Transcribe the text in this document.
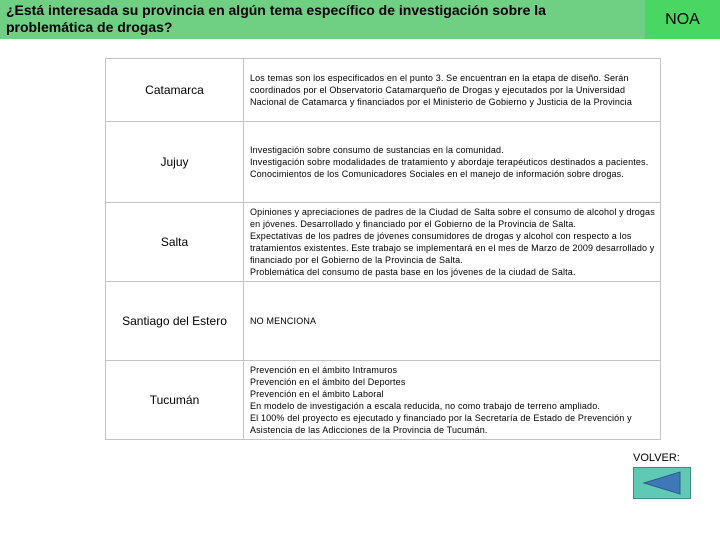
¿Está interesada su provincia en algún tema específico de investigación sobre la problemática de drogas?	NOA
Catamarca	Los temas son los especificados en el punto 3. Se encuentran en la etapa de diseño. Serán coordinados por el Observatorio Catamarqueño de Drogas y ejecutados por la Universidad Nacional de Catamarca y financiados por el Ministerio de Gobierno y Justicia de la Provincia

Jujuy	Investigación sobre consumo de sustancias en la comunidad.
Investigación sobre modalidades de tratamiento y abordaje terapéuticos destinados a pacientes.
Conocimientos de los Comunicadores Sociales en el manejo de información sobre drogas.

Salta	Opiniones y apreciaciones de padres de la Ciudad de Salta sobre el consumo de alcohol y drogas en jóvenes. Desarrollado y financiado por el Gobierno de la Provincia de Salta.
Expectativas de los padres de jóvenes consumidores de drogas y alcohol con respecto a los tratamientos existentes. Este trabajo se implementará en el mes de Marzo de 2009 desarrollado y financiado por el Gobierno de la Provincia de Salta.
Problemática del consumo de pasta base en los jóvenes de la ciudad de Salta.

Santiago del Estero	NO MENCIONA

Tucumán	Prevención en el ámbito Intramuros
Prevención en el ámbito del Deportes
Prevención en el ámbito Laboral
En modelo de investigación a escala reducida, no como trabajo de terreno ampliado.
El 100% del proyecto es ejecutado y financiado por la Secretaría de Estado de Prevención y Asistencia de las Adicciones de la Provincia de Tucumán.
VOLVER:
